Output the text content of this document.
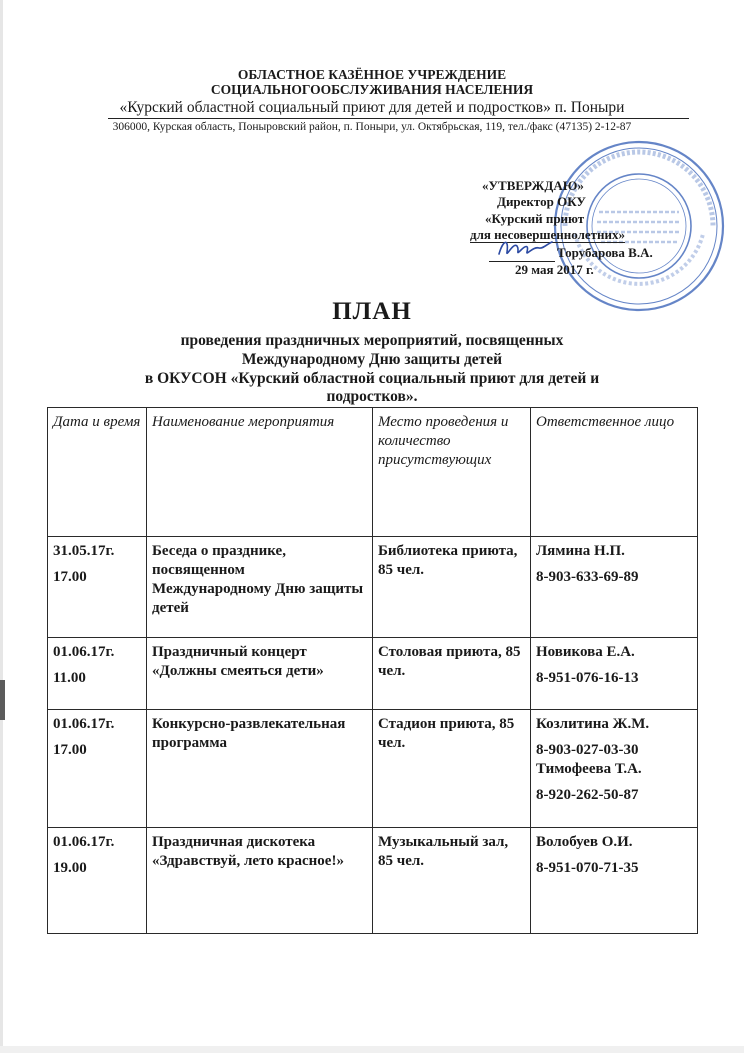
ОБЛАСТНОЕ КАЗЁННОЕ УЧРЕЖДЕНИЕ
СОЦИАЛЬНОГООБСЛУЖИВАНИЯ НАСЕЛЕНИЯ
«Курский областной социальный приют для детей и подростков» п. Поныри
306000, Курская область, Поныровский район, п. Поныри, ул. Октябрьская, 119, тел./факс (47135) 2-12-87
«УТВЕРЖДАЮ»
Директор ОКУ
«Курский приют
для несовершеннолетних»
Торубарова В.А.
29 мая 2017 г.
ПЛАН
проведения праздничных мероприятий, посвященных
Международному Дню защиты детей
в ОКУСОН «Курский областной социальный приют для детей и
подростков».
Дата и время	Наименование мероприятия	Место проведения и количество присутствующих	Ответственное лицо

31.05.17г.
17.00	Беседа о празднике, посвященном Международному Дню защиты детей	Библиотека приюта, 85 чел.	Лямина Н.П.
8-903-633-69-89

01.06.17г.
11.00	Праздничный концерт «Должны смеяться дети»	Столовая приюта, 85 чел.	Новикова Е.А.
8-951-076-16-13

01.06.17г.
17.00	Конкурсно-развлекательная программа	Стадион приюта, 85 чел.	Козлитина Ж.М.
8-903-027-03-30
Тимофеева Т.А.
8-920-262-50-87

01.06.17г.
19.00	Праздничная дискотека «Здравствуй, лето красное!»	Музыкальный зал, 85 чел.	Волобуев О.И.
8-951-070-71-35
